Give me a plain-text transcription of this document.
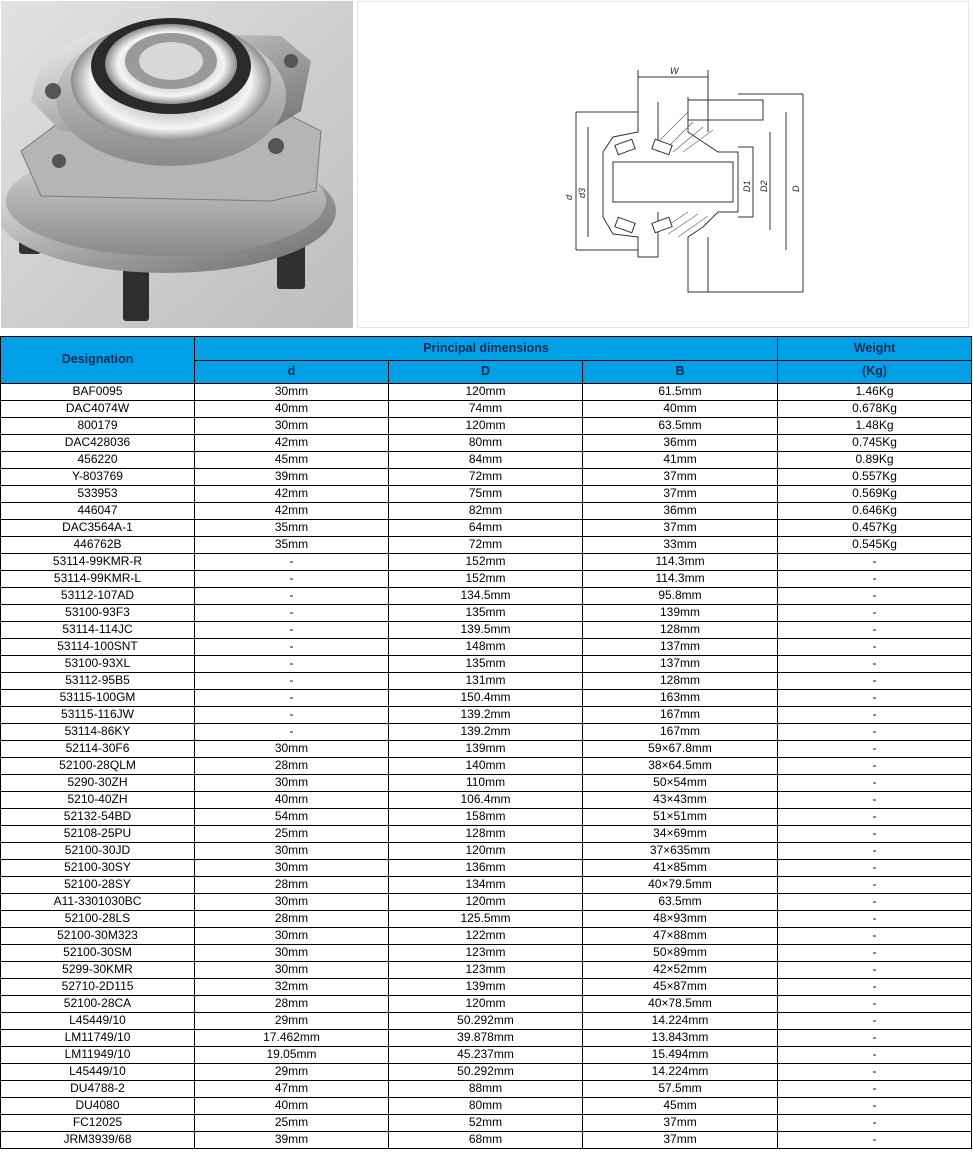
W
d d3
D1 D2 D
Designation	Principal dimensions			Weight
	d	D	B	(Kg)
BAF0095	30mm	120mm	61.5mm	1.46Kg
DAC4074W	40mm	74mm	40mm	0.678Kg
800179	30mm	120mm	63.5mm	1.48Kg
DAC428036	42mm	80mm	36mm	0.745Kg
456220	45mm	84mm	41mm	0.89Kg
Y-803769	39mm	72mm	37mm	0.557Kg
533953	42mm	75mm	37mm	0.569Kg
446047	42mm	82mm	36mm	0.646Kg
DAC3564A-1	35mm	64mm	37mm	0.457Kg
446762B	35mm	72mm	33mm	0.545Kg
53114-99KMR-R	-	152mm	114.3mm	-
53114-99KMR-L	-	152mm	114.3mm	-
53112-107AD	-	134.5mm	95.8mm	-
53100-93F3	-	135mm	139mm	-
53114-114JC	-	139.5mm	128mm	-
53114-100SNT	-	148mm	137mm	-
53100-93XL	-	135mm	137mm	-
53112-95B5	-	131mm	128mm	-
53115-100GM	-	150.4mm	163mm	-
53115-116JW	-	139.2mm	167mm	-
53114-86KY	-	139.2mm	167mm	-
52114-30F6	30mm	139mm	59×67.8mm	-
52100-28QLM	28mm	140mm	38×64.5mm	-
5290-30ZH	30mm	110mm	50×54mm	-
5210-40ZH	40mm	106.4mm	43×43mm	-
52132-54BD	54mm	158mm	51×51mm	-
52108-25PU	25mm	128mm	34×69mm	-
52100-30JD	30mm	120mm	37×635mm	-
52100-30SY	30mm	136mm	41×85mm	-
52100-28SY	28mm	134mm	40×79.5mm	-
A11-3301030BC	30mm	120mm	63.5mm	-
52100-28LS	28mm	125.5mm	48×93mm	-
52100-30M323	30mm	122mm	47×88mm	-
52100-30SM	30mm	123mm	50×89mm	-
5299-30KMR	30mm	123mm	42×52mm	-
52710-2D115	32mm	139mm	45×87mm	-
52100-28CA	28mm	120mm	40×78.5mm	-
L45449/10	29mm	50.292mm	14.224mm	-
LM11749/10	17.462mm	39.878mm	13.843mm	-
LM11949/10	19.05mm	45.237mm	15.494mm	-
L45449/10	29mm	50.292mm	14.224mm	-
DU4788-2	47mm	88mm	57.5mm	-
DU4080	40mm	80mm	45mm	-
FC12025	25mm	52mm	37mm	-
JRM3939/68	39mm	68mm	37mm	-
